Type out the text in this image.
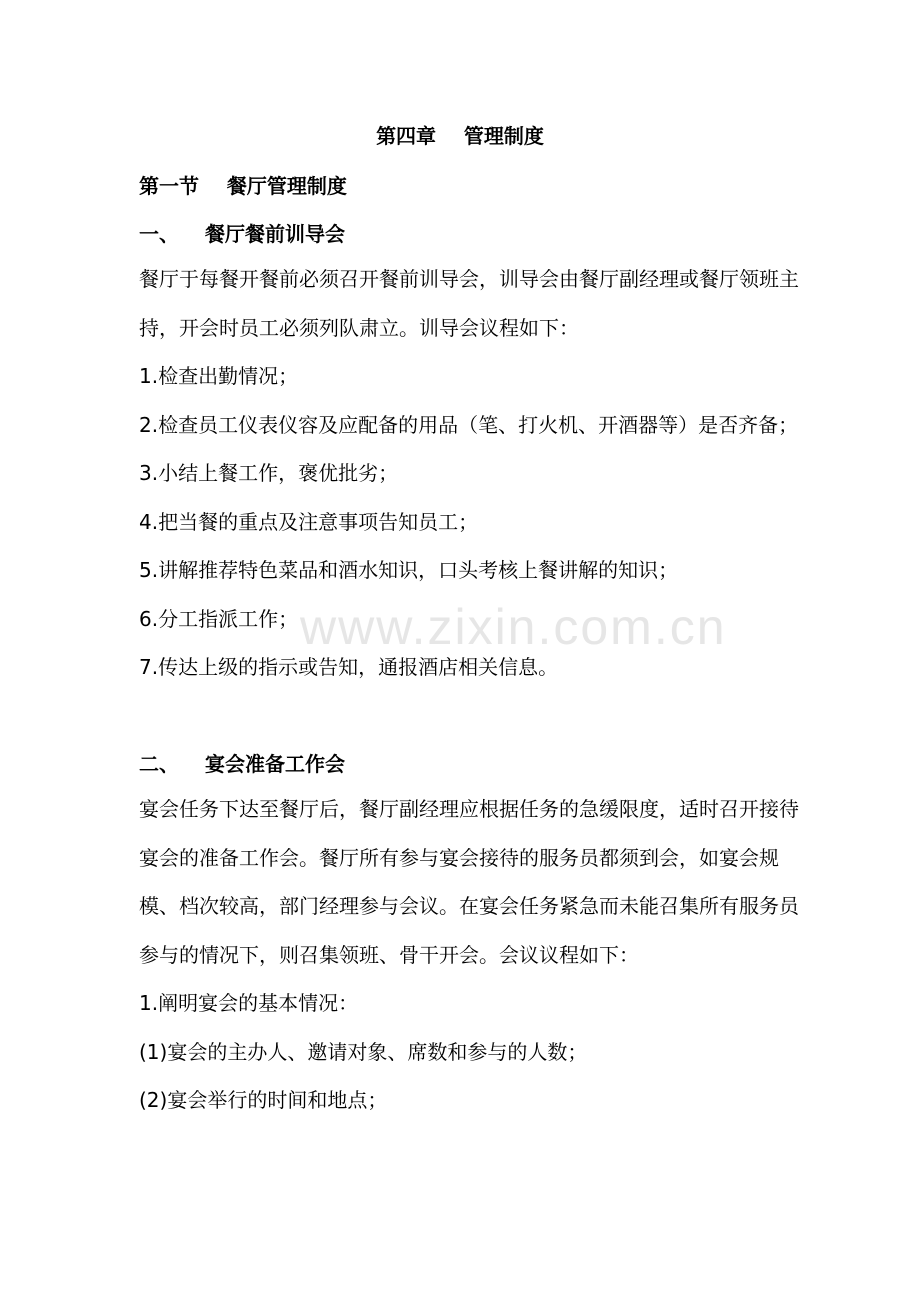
www.zixin.com.cn
第四章    管理制度
第一节    餐厅管理制度
一、	餐厅餐前训导会

餐厅于每餐开餐前必须召开餐前训导会，训导会由餐厅副经理或餐厅领班主持，开会时员工必须列队肃立。训导会议程如下：

1.检查出勤情况；

2.检查员工仪表仪容及应配备的用品（笔、打火机、开酒器等）是否齐备；

3.小结上餐工作，褒优批劣；

4.把当餐的重点及注意事项告知员工；

5.讲解推荐特色菜品和酒水知识，口头考核上餐讲解的知识；

6.分工指派工作；

7.传达上级的指示或告知，通报酒店相关信息。

二、	宴会准备工作会

宴会任务下达至餐厅后，餐厅副经理应根据任务的急缓限度，适时召开接待宴会的准备工作会。餐厅所有参与宴会接待的服务员都须到会，如宴会规模、档次较高，部门经理参与会议。在宴会任务紧急而未能召集所有服务员参与的情况下，则召集领班、骨干开会。会议议程如下：

1.阐明宴会的基本情况：

(1)宴会的主办人、邀请对象、席数和参与的人数；

(2)宴会举行的时间和地点；
